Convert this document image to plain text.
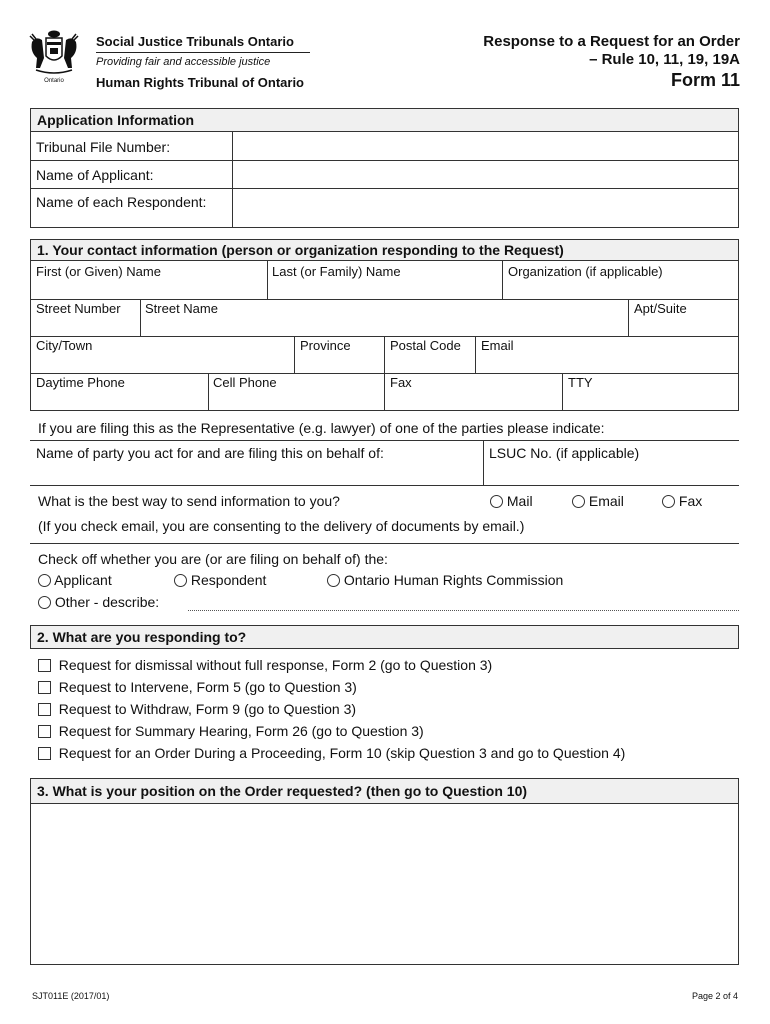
Ontario
Social Justice Tribunals Ontario
Providing fair and accessible justice
Human Rights Tribunal of Ontario
Response to a Request for an Order
– Rule 10, 11, 19, 19A
Form 11
Application Information
Tribunal File Number:
Name of Applicant:
Name of each Respondent:
1. Your contact information (person or organization responding to the Request)
First (or Given) Name	Last (or Family) Name	Organization (if applicable)
Street Number Street Name	Apt/Suite
City/Town	Province	Postal Code Email
Daytime Phone	Cell Phone	Fax	TTY
If you are filing this as the Representative (e.g. lawyer) of one of the parties please indicate:
Name of party you act for and are filing this on behalf of:	LSUC No. (if applicable)
What is the best way to send information to you?	Mail	Email	Fax
(If you check email, you are consenting to the delivery of documents by email.)
Check off whether you are (or are filing on behalf of) the:
Applicant	Respondent	Ontario Human Rights Commission
Other - describe:
2. What are you responding to?
Request for dismissal without full response, Form 2 (go to Question 3)
Request to Intervene, Form 5 (go to Question 3)
Request to Withdraw, Form 9 (go to Question 3)
Request for Summary Hearing, Form 26 (go to Question 3)
Request for an Order During a Proceeding, Form 10 (skip Question 3 and go to Question 4)
3. What is your position on the Order requested? (then go to Question 10)
SJT011E (2017/01)	Page 2 of 4
